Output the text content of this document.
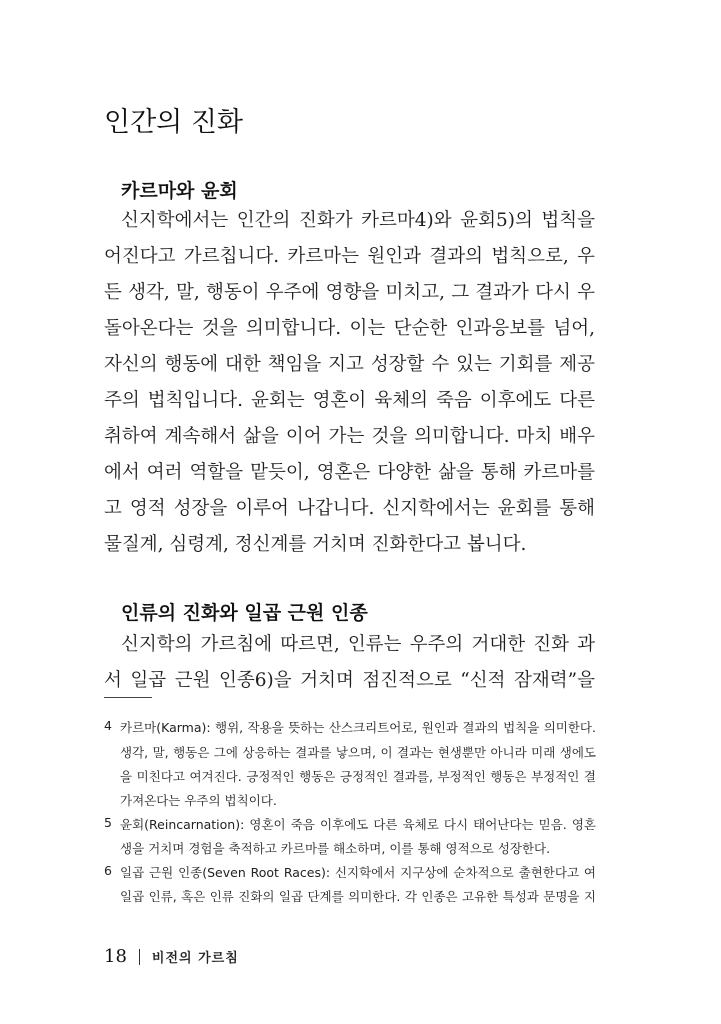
인간의 진화
카르마와 윤회
신지학에서는 인간의 진화가 카르마4)와 윤회5)의 법칙을
어진다고 가르칩니다. 카르마는 원인과 결과의 법칙으로, 우
든 생각, 말, 행동이 우주에 영향을 미치고, 그 결과가 다시 우
돌아온다는 것을 의미합니다. 이는 단순한 인과응보를 넘어,
자신의 행동에 대한 책임을 지고 성장할 수 있는 기회를 제공
주의 법칙입니다. 윤회는 영혼이 육체의 죽음 이후에도 다른
취하여 계속해서 삶을 이어 가는 것을 의미합니다. 마치 배우
에서 여러 역할을 맡듯이, 영혼은 다양한 삶을 통해 카르마를
고 영적 성장을 이루어 나갑니다. 신지학에서는 윤회를 통해
물질계, 심령계, 정신계를 거치며 진화한다고 봅니다.
인류의 진화와 일곱 근원 인종
신지학의 가르침에 따르면, 인류는 우주의 거대한 진화 과
서 일곱 근원 인종6)을 거치며 점진적으로 “신적 잠재력”을
4 카르마(Karma): 행위, 작용을 뜻하는 산스크리트어로, 원인과 결과의 법칙을 의미한다.
생각, 말, 행동은 그에 상응하는 결과를 낳으며, 이 결과는 현생뿐만 아니라 미래 생에도
을 미친다고 여겨진다. 긍정적인 행동은 긍정적인 결과를, 부정적인 행동은 부정적인 결
가져온다는 우주의 법칙이다.
5 윤회(Reincarnation): 영혼이 죽음 이후에도 다른 육체로 다시 태어난다는 믿음. 영혼
생을 거치며 경험을 축적하고 카르마를 해소하며, 이를 통해 영적으로 성장한다.
6 일곱 근원 인종(Seven Root Races): 신지학에서 지구상에 순차적으로 출현한다고 여
일곱 인류, 혹은 인류 진화의 일곱 단계를 의미한다. 각 인종은 고유한 특성과 문명을 지
18 비전의 가르침
